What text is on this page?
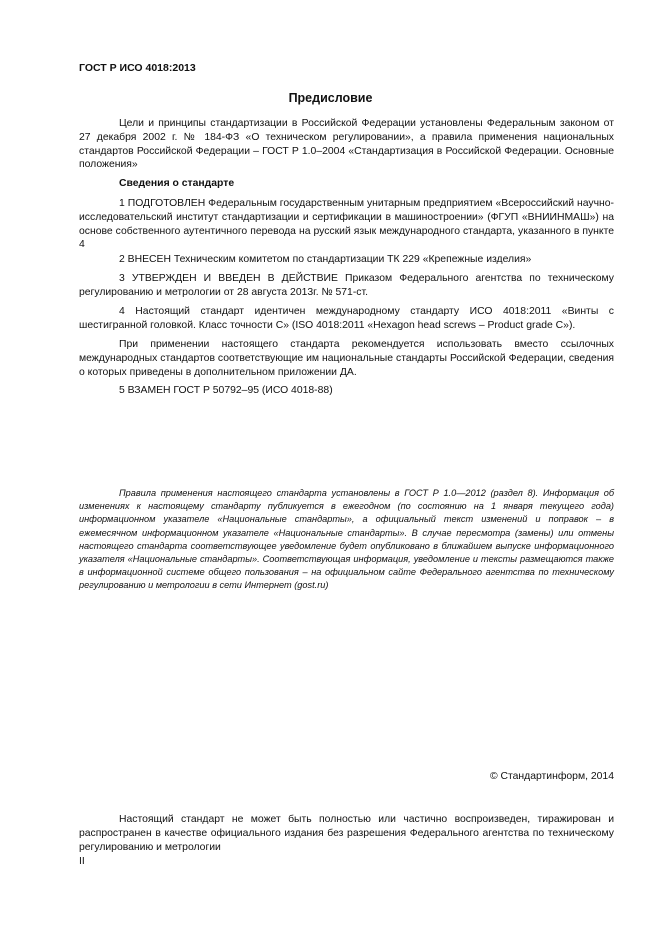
ГОСТ Р ИСО 4018:2013
Предисловие

Цели и принципы стандартизации в Российской Федерации установлены Федеральным законом от 27 декабря 2002 г. № 184-ФЗ «О техническом регулировании», а правила применения национальных стандартов Российской Федерации – ГОСТ Р 1.0–2004 «Стандартизация в Российской Федерации. Основные положения»

Сведения о стандарте

1 ПОДГОТОВЛЕН Федеральным государственным унитарным предприятием «Всероссийский научно-исследовательский институт стандартизации и сертификации в машиностроении» (ФГУП «ВНИИНМАШ») на основе собственного аутентичного перевода на русский язык международного стандарта, указанного в пункте 4

2 ВНЕСЕН Техническим комитетом по стандартизации ТК 229 «Крепежные изделия»

3 УТВЕРЖДЕН И ВВЕДЕН В ДЕЙСТВИЕ Приказом Федерального агентства по техническому регулированию и метрологии от 28 августа 2013г. № 571-ст.

4 Настоящий стандарт идентичен международному стандарту ИСО 4018:2011 «Винты с шестигранной головкой. Класс точности С» (ISO 4018:2011 «Hexagon head screws – Product grade C»).

При применении настоящего стандарта рекомендуется использовать вместо ссылочных международных стандартов соответствующие им национальные стандарты Российской Федерации, сведения о которых приведены в дополнительном приложении ДА.

5 ВЗАМЕН ГОСТ Р 50792–95 (ИСО 4018-88)

Правила применения настоящего стандарта установлены в ГОСТ Р 1.0—2012 (раздел 8). Информация об изменениях к настоящему стандарту публикуется в ежегодном (по состоянию на 1 января текущего года) информационном указателе «Национальные стандарты», а официальный текст изменений и поправок – в ежемесячном информационном указателе «Национальные стандарты». В случае пересмотра (замены) или отмены настоящего стандарта соответствующее уведомление будет опубликовано в ближайшем выпуске информационного указателя «Национальные стандарты». Соответствующая информация, уведомление и тексты размещаются также в информационной системе общего пользования – на официальном сайте Федерального агентства по техническому регулированию и метрологии в сети Интернет (gost.ru)

© Стандартинформ, 2014

Настоящий стандарт не может быть полностью или частично воспроизведен, тиражирован и распространен в качестве официального издания без разрешения Федерального агентства по техническому регулированию и метрологии

II
